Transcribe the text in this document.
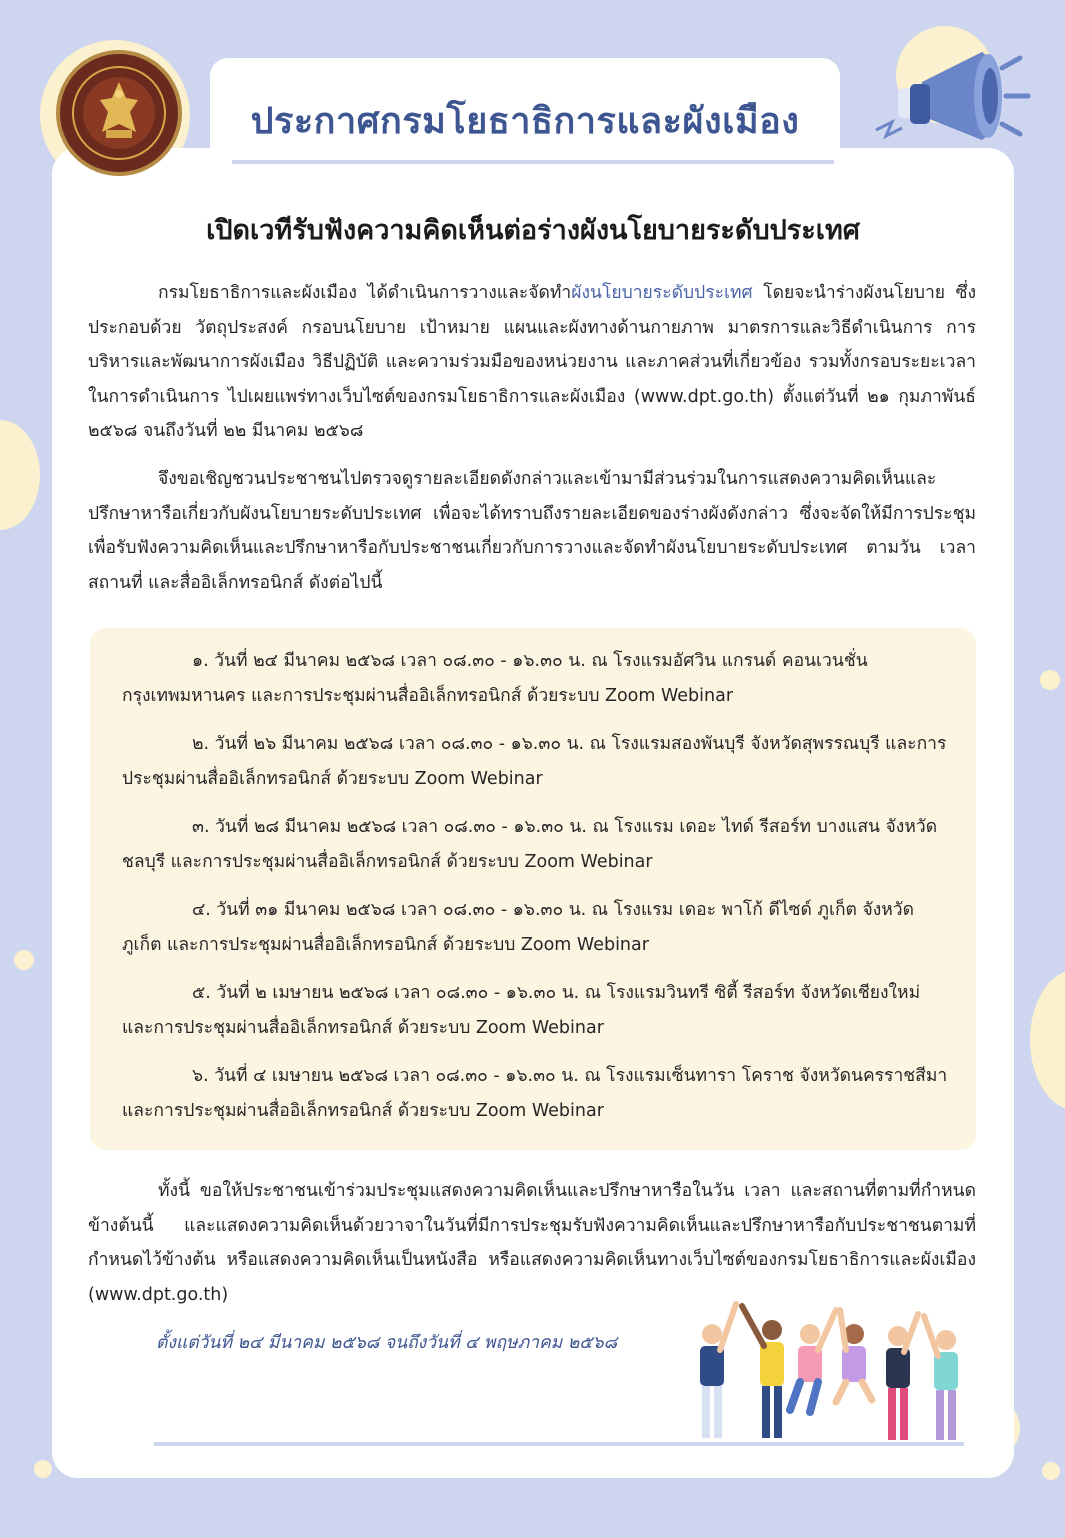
ประกาศกรมโยธาธิการและผังเมือง
เปิดเวทีรับฟังความคิดเห็นต่อร่างผังนโยบายระดับประเทศ
กรมโยธาธิการและผังเมือง ได้ดำเนินการวางและจัดทำผังนโยบายระดับประเทศ โดยจะนำร่างผังนโยบาย ซึ่งประกอบด้วย วัตถุประสงค์ กรอบนโยบาย เป้าหมาย แผนและผังทางด้านกายภาพ มาตรการและวิธีดำเนินการ การบริหารและพัฒนาการผังเมือง วิธีปฏิบัติ และความร่วมมือของหน่วยงาน และภาคส่วนที่เกี่ยวข้อง รวมทั้งกรอบระยะเวลาในการดำเนินการ ไปเผยแพร่ทางเว็บไซต์ของกรมโยธาธิการและผังเมือง (www.dpt.go.th) ตั้งแต่วันที่ ๒๑ กุมภาพันธ์ ๒๕๖๘ จนถึงวันที่ ๒๒ มีนาคม ๒๕๖๘
จึงขอเชิญชวนประชาชนไปตรวจดูรายละเอียดดังกล่าวและเข้ามามีส่วนร่วมในการแสดงความคิดเห็นและปรึกษาหารือเกี่ยวกับผังนโยบายระดับประเทศ เพื่อจะได้ทราบถึงรายละเอียดของร่างผังดังกล่าว ซึ่งจะจัดให้มีการประชุมเพื่อรับฟังความคิดเห็นและปรึกษาหารือกับประชาชนเกี่ยวกับการวางและจัดทำผังนโยบายระดับประเทศ ตามวัน เวลา สถานที่ และสื่ออิเล็กทรอนิกส์ ดังต่อไปนี้
๑. วันที่ ๒๔ มีนาคม ๒๕๖๘ เวลา ๐๘.๓๐ - ๑๖.๓๐ น. ณ โรงแรมอัศวิน แกรนด์ คอนเวนชั่น กรุงเทพมหานคร และการประชุมผ่านสื่ออิเล็กทรอนิกส์ ด้วยระบบ Zoom Webinar
๒. วันที่ ๒๖ มีนาคม ๒๕๖๘ เวลา ๐๘.๓๐ - ๑๖.๓๐ น. ณ โรงแรมสองพันบุรี จังหวัดสุพรรณบุรี และการประชุมผ่านสื่ออิเล็กทรอนิกส์ ด้วยระบบ Zoom Webinar
๓. วันที่ ๒๘ มีนาคม ๒๕๖๘ เวลา ๐๘.๓๐ - ๑๖.๓๐ น. ณ โรงแรม เดอะ ไทด์ รีสอร์ท บางแสน จังหวัดชลบุรี และการประชุมผ่านสื่ออิเล็กทรอนิกส์ ด้วยระบบ Zoom Webinar
๔. วันที่ ๓๑ มีนาคม ๒๕๖๘ เวลา ๐๘.๓๐ - ๑๖.๓๐ น. ณ โรงแรม เดอะ พาโก้ ดีไซด์ ภูเก็ต จังหวัดภูเก็ต และการประชุมผ่านสื่ออิเล็กทรอนิกส์ ด้วยระบบ Zoom Webinar
๕. วันที่ ๒ เมษายน ๒๕๖๘ เวลา ๐๘.๓๐ - ๑๖.๓๐ น. ณ โรงแรมวินทรี ซิตี้ รีสอร์ท จังหวัดเชียงใหม่ และการประชุมผ่านสื่ออิเล็กทรอนิกส์ ด้วยระบบ Zoom Webinar
๖. วันที่ ๔ เมษายน ๒๕๖๘ เวลา ๐๘.๓๐ - ๑๖.๓๐ น. ณ โรงแรมเซ็นทารา โคราช จังหวัดนครราชสีมา และการประชุมผ่านสื่ออิเล็กทรอนิกส์ ด้วยระบบ Zoom Webinar
ทั้งนี้ ขอให้ประชาชนเข้าร่วมประชุมแสดงความคิดเห็นและปรึกษาหารือในวัน เวลา และสถานที่ตามที่กำหนดข้างต้นนี้ และแสดงความคิดเห็นด้วยวาจาในวันที่มีการประชุมรับฟังความคิดเห็นและปรึกษาหารือกับประชาชนตามที่กำหนดไว้ข้างต้น หรือแสดงความคิดเห็นเป็นหนังสือ หรือแสดงความคิดเห็นทางเว็บไซต์ของกรมโยธาธิการและผังเมือง (www.dpt.go.th)
ตั้งแต่วันที่ ๒๔ มีนาคม ๒๕๖๘ จนถึงวันที่ ๔ พฤษภาคม ๒๕๖๘
